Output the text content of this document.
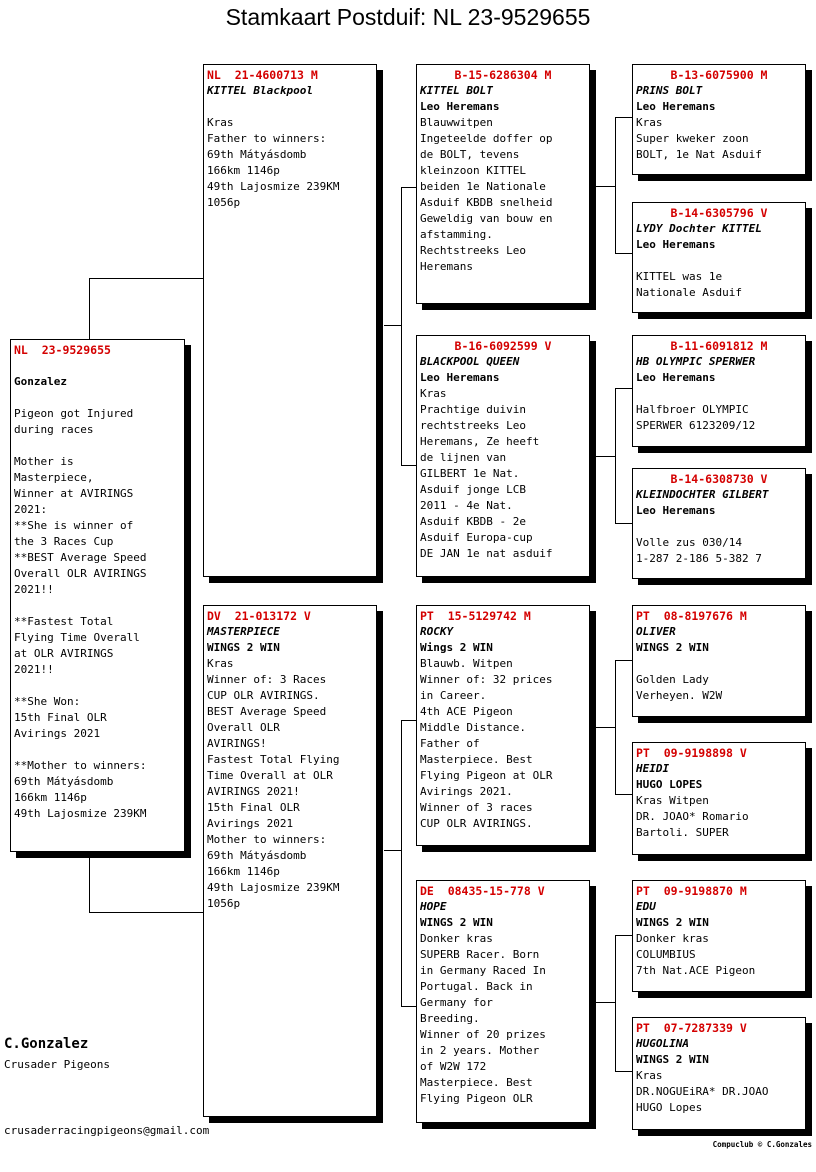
Stamkaart Postduif: NL 23-9529655
NL  23-9529655
Gonzalez
Pigeon got Injured
during races

Mother is
Masterpiece,
Winner at AVIRINGS
2021:
**She is winner of
the 3 Races Cup
**BEST Average Speed
Overall OLR AVIRINGS
2021!!

**Fastest Total
Flying Time Overall
at OLR AVIRINGS
2021!!

**She Won:
15th Final OLR
Avirings 2021

**Mother to winners:
69th Mátyásdomb
166km 1146p
49th Lajosmize 239KM
NL  21-4600713 M
KITTEL Blackpool

Kras
Father to winners:
69th Mátyásdomb
166km 1146p
49th Lajosmize 239KM
1056p
DV  21-013172 V
MASTERPIECE
WINGS 2 WIN
Kras
Winner of: 3 Races
CUP OLR AVIRINGS.
BEST Average Speed
Overall OLR
AVIRINGS!
Fastest Total Flying
Time Overall at OLR
AVIRINGS 2021!
15th Final OLR
Avirings 2021
Mother to winners:
69th Mátyásdomb
166km 1146p
49th Lajosmize 239KM
1056p
B-15-6286304 M
KITTEL BOLT
Leo Heremans
Blauwwitpen
Ingeteelde doffer op
de BOLT, tevens
kleinzoon KITTEL
beiden 1e Nationale
Asduif KBDB snelheid
Geweldig van bouw en
afstamming.
Rechtstreeks Leo
Heremans
B-16-6092599 V
BLACKPOOL QUEEN
Leo Heremans
Kras
Prachtige duivin
rechtstreeks Leo
Heremans, Ze heeft
de lijnen van
GILBERT 1e Nat.
Asduif jonge LCB
2011 - 4e Nat.
Asduif KBDB - 2e
Asduif Europa-cup
DE JAN 1e nat asduif
PT  15-5129742 M
ROCKY
Wings 2 WIN
Blauwb. Witpen
Winner of: 32 prices
in Career.
4th ACE Pigeon
Middle Distance.
Father of
Masterpiece. Best
Flying Pigeon at OLR
Avirings 2021.
Winner of 3 races
CUP OLR AVIRINGS.
DE  08435-15-778 V
HOPE
WINGS 2 WIN
Donker kras
SUPERB Racer. Born
in Germany Raced In
Portugal. Back in
Germany for
Breeding.
Winner of 20 prizes
in 2 years. Mother
of W2W 172
Masterpiece. Best
Flying Pigeon OLR
B-13-6075900 M
PRINS BOLT
Leo Heremans
Kras
Super kweker zoon
BOLT, 1e Nat Asduif
B-14-6305796 V
LYDY Dochter KITTEL
Leo Heremans

KITTEL was 1e
Nationale Asduif
B-11-6091812 M
HB OLYMPIC SPERWER
Leo Heremans

Halfbroer OLYMPIC
SPERWER 6123209/12
B-14-6308730 V
KLEINDOCHTER GILBERT
Leo Heremans

Volle zus 030/14
1-287 2-186 5-382 7
PT  08-8197676 M
OLIVER
WINGS 2 WIN

Golden Lady
Verheyen. W2W
PT  09-9198898 V
HEIDI
HUGO LOPES
Kras Witpen
DR. JOAO* Romario
Bartoli. SUPER
PT  09-9198870 M
EDU
WINGS 2 WIN
Donker kras
COLUMBIUS
7th Nat.ACE Pigeon
PT  07-7287339 V
HUGOLINA
WINGS 2 WIN
Kras
DR.NOGUEiRA* DR.JOAO
HUGO Lopes
C.Gonzalez
Crusader Pigeons
crusaderracingpigeons@gmail.com
Compuclub © C.Gonzales
